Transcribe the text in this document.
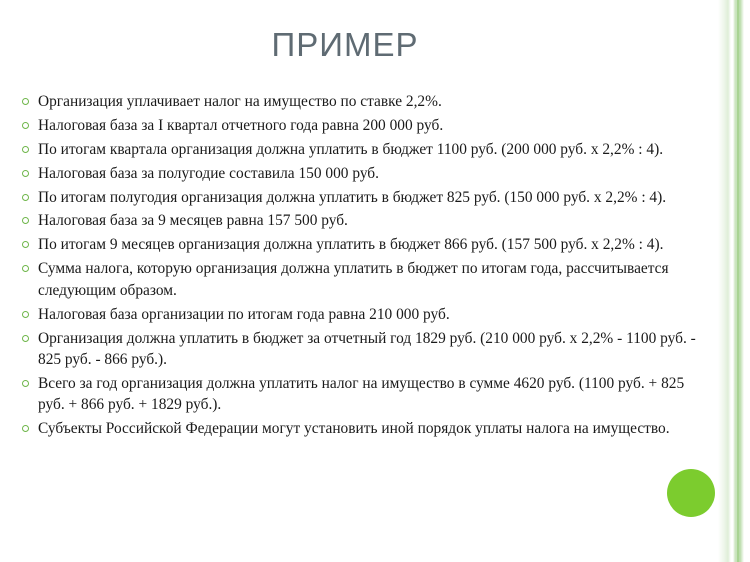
ПРИМЕР
Организация уплачивает налог на имущество по ставке 2,2%.
Налоговая база за I квартал отчетного года равна 200 000 руб.
По итогам квартала организация должна уплатить в бюджет 1100 руб. (200 000 руб. х 2,2% : 4).
Налоговая база за полугодие составила 150 000 руб.
По итогам полугодия организация должна уплатить в бюджет 825 руб. (150 000 руб. х 2,2% : 4).
Налоговая база за 9 месяцев равна 157 500 руб.
По итогам 9 месяцев организация должна уплатить в бюджет 866 руб. (157 500 руб. х 2,2% : 4).
Сумма налога, которую организация должна уплатить в бюджет по итогам года, рассчитывается следующим образом.
Налоговая база организации по итогам года равна 210 000 руб.
Организация должна уплатить в бюджет за отчетный год 1829 руб. (210 000 руб. х 2,2% - 1100 руб. - 825 руб. - 866 руб.).
Всего за год организация должна уплатить налог на имущество в сумме 4620 руб. (1100 руб. + 825 руб. + 866 руб. + 1829 руб.).
Субъекты Российской Федерации могут установить иной порядок уплаты налога на имущество.
